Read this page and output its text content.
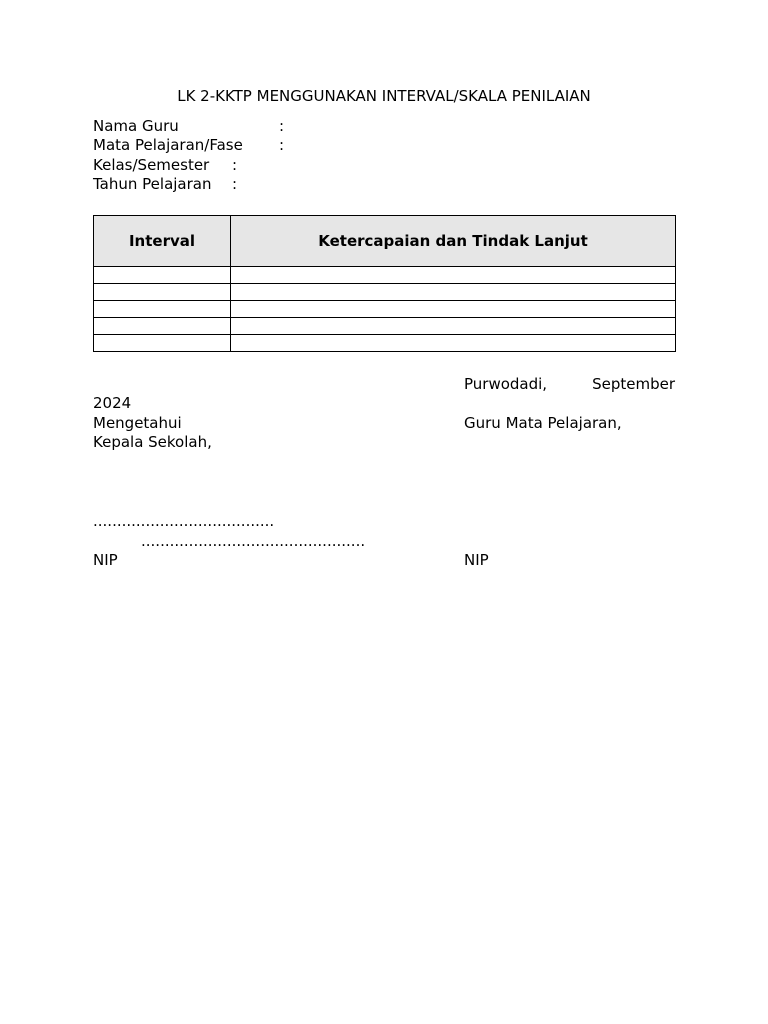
LK 2-KKTP MENGGUNAKAN INTERVAL/SKALA PENILAIAN
Nama Guru	:
Mata Pelajaran/Fase :
Kelas/Semester :
Tahun Pelajaran :
Interval	Ketercapaian dan Tindak Lanjut

Purwodadi,	September
2024
Mengetahui	Guru Mata Pelajaran,
Kepala Sekolah,
......................................
...............................................
NIP	NIP
